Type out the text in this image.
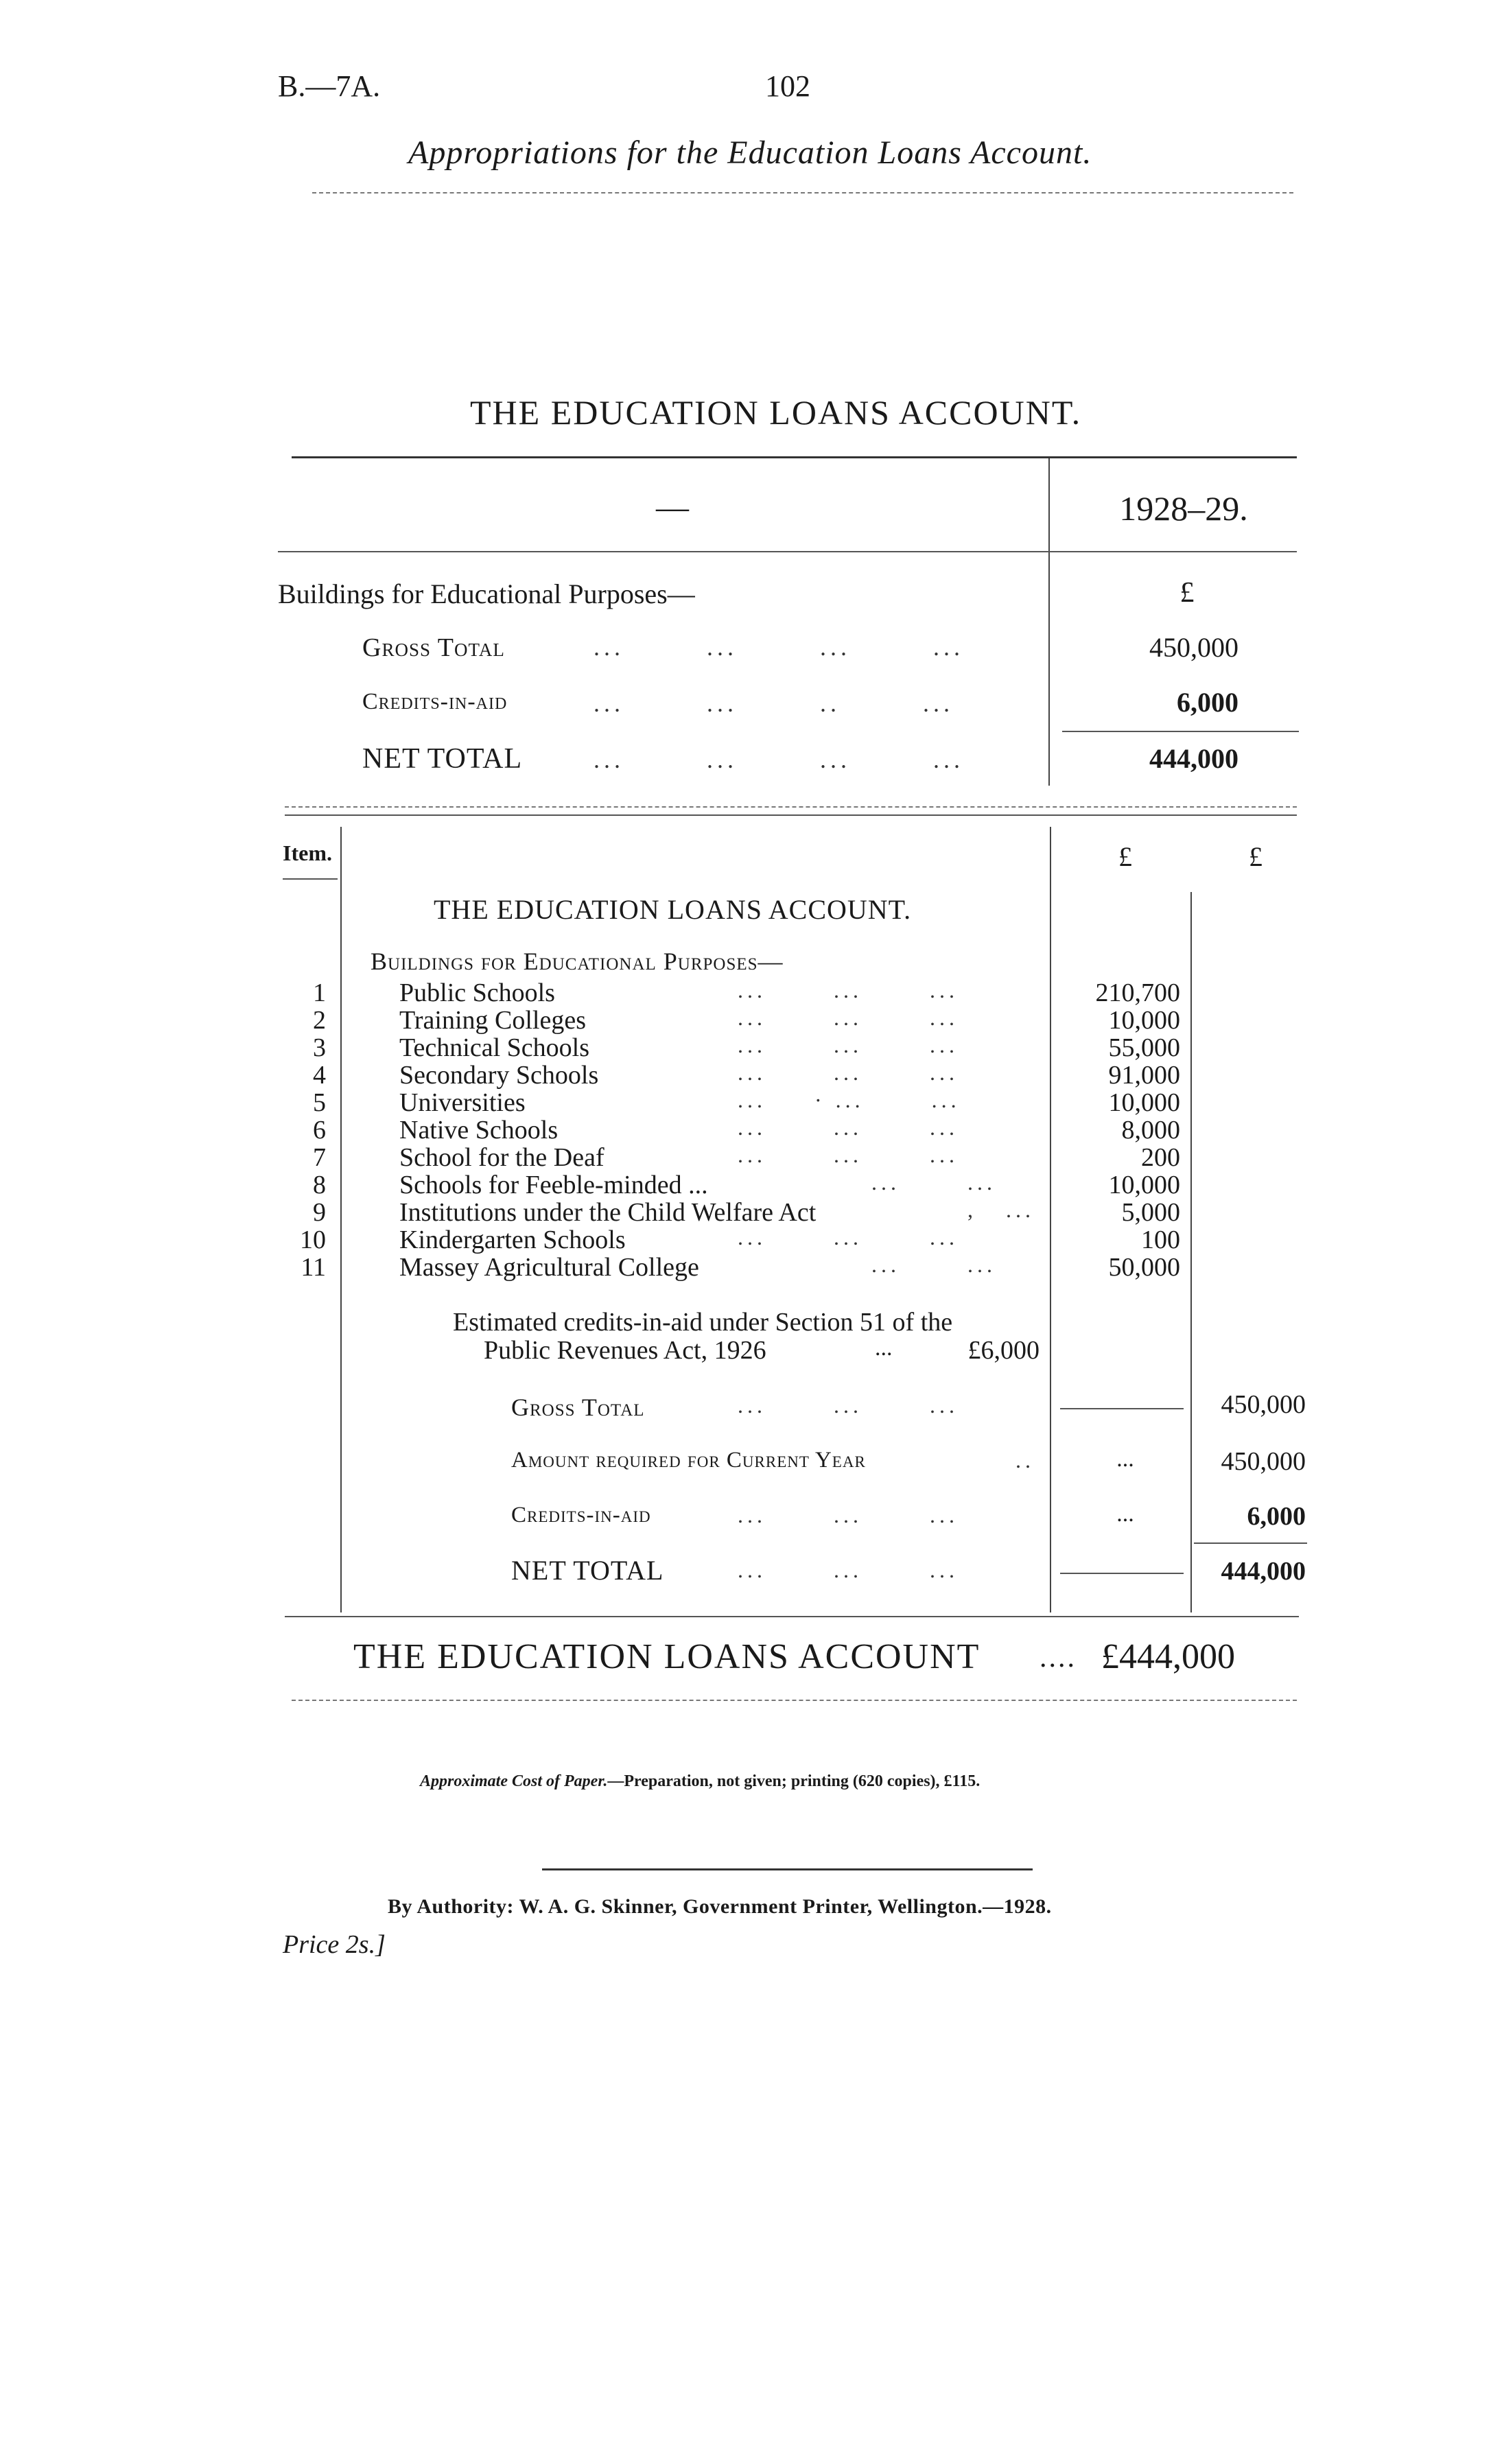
B.—7A.	102
Appropriations for the Education Loans Account.
THE EDUCATION LOANS ACCOUNT.
—	1928–29.
£
Buildings for Educational Purposes—
Gross Total	...        ...        ...        ...	450,000
Credits-in-aid	...        ...        ..        ...	6,000
NET TOTAL	...        ...        ...        ...	444,000
Item.	£	£
THE EDUCATION LOANS ACCOUNT.
Buildings for Educational Purposes—
1	Public Schools	...       ...       ...	210,700
2	Training Colleges	...       ...       ...	10,000
3	Technical Schools	...       ...       ...	55,000
4	Secondary Schools	...       ...       ...	91,000
5	Universities	...     · ...       ...	10,000
6	Native Schools	...       ...       ...	8,000
7	School for the Deaf	...       ...       ...	200
8	Schools for Feeble-minded ...	...       ...	10,000
9	Institutions under the Child Welfare Act	,   ...	5,000
10	Kindergarten Schools	...       ...       ...	100
11	Massey Agricultural College	...       ...	50,000
Estimated credits-in-aid under Section 51 of the
Public Revenues Act, 1926	...	£6,000
Gross Total	...       ...       ...	450,000
Amount required for Current Year	..	...	450,000
Credits-in-aid	...       ...       ...	...	6,000
NET TOTAL	...       ...       ...	444,000
THE EDUCATION LOANS ACCOUNT .... £444,000
Approximate Cost of Paper.—Preparation, not given; printing (620 copies), £115.
By Authority: W. A. G. Skinner, Government Printer, Wellington.—1928.
Price 2s.]
